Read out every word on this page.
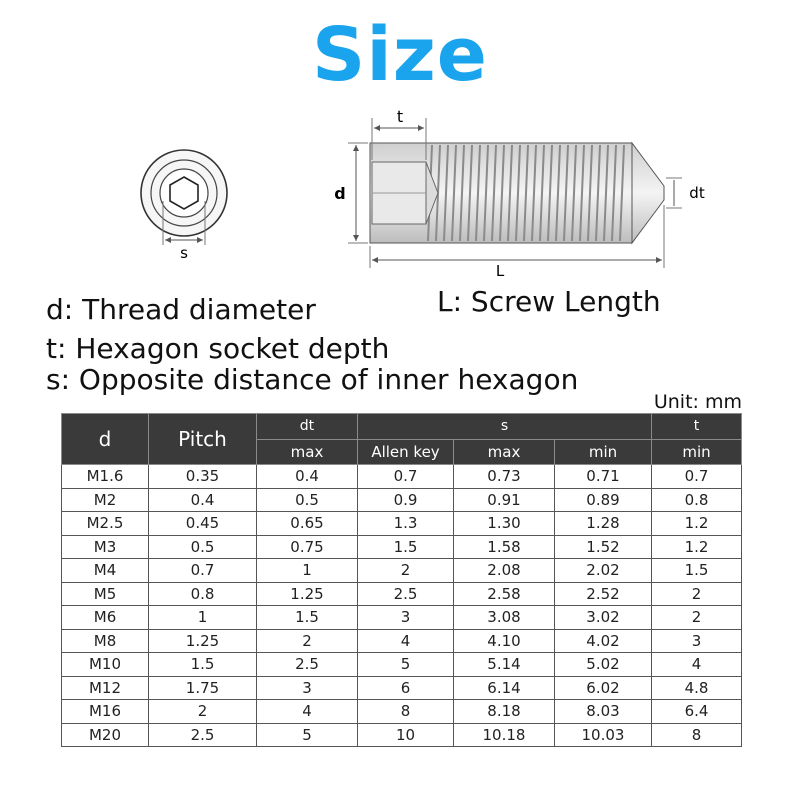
Size
s
t
d	dt
L
d: Thread diameter	L: Screw Length
t: Hexagon socket depth
s: Opposite distance of inner hexagon
Unit: mm
d	Pitch	dt	s			t
		max	Allen key	max	min	min
M1.6	0.35	0.4	0.7	0.73	0.71	0.7
M2	0.4	0.5	0.9	0.91	0.89	0.8
M2.5	0.45	0.65	1.3	1.30	1.28	1.2
M3	0.5	0.75	1.5	1.58	1.52	1.2
M4	0.7	1	2	2.08	2.02	1.5
M5	0.8	1.25	2.5	2.58	2.52	2
M6	1	1.5	3	3.08	3.02	2
M8	1.25	2	4	4.10	4.02	3
M10	1.5	2.5	5	5.14	5.02	4
M12	1.75	3	6	6.14	6.02	4.8
M16	2	4	8	8.18	8.03	6.4
M20	2.5	5	10	10.18	10.03	8
